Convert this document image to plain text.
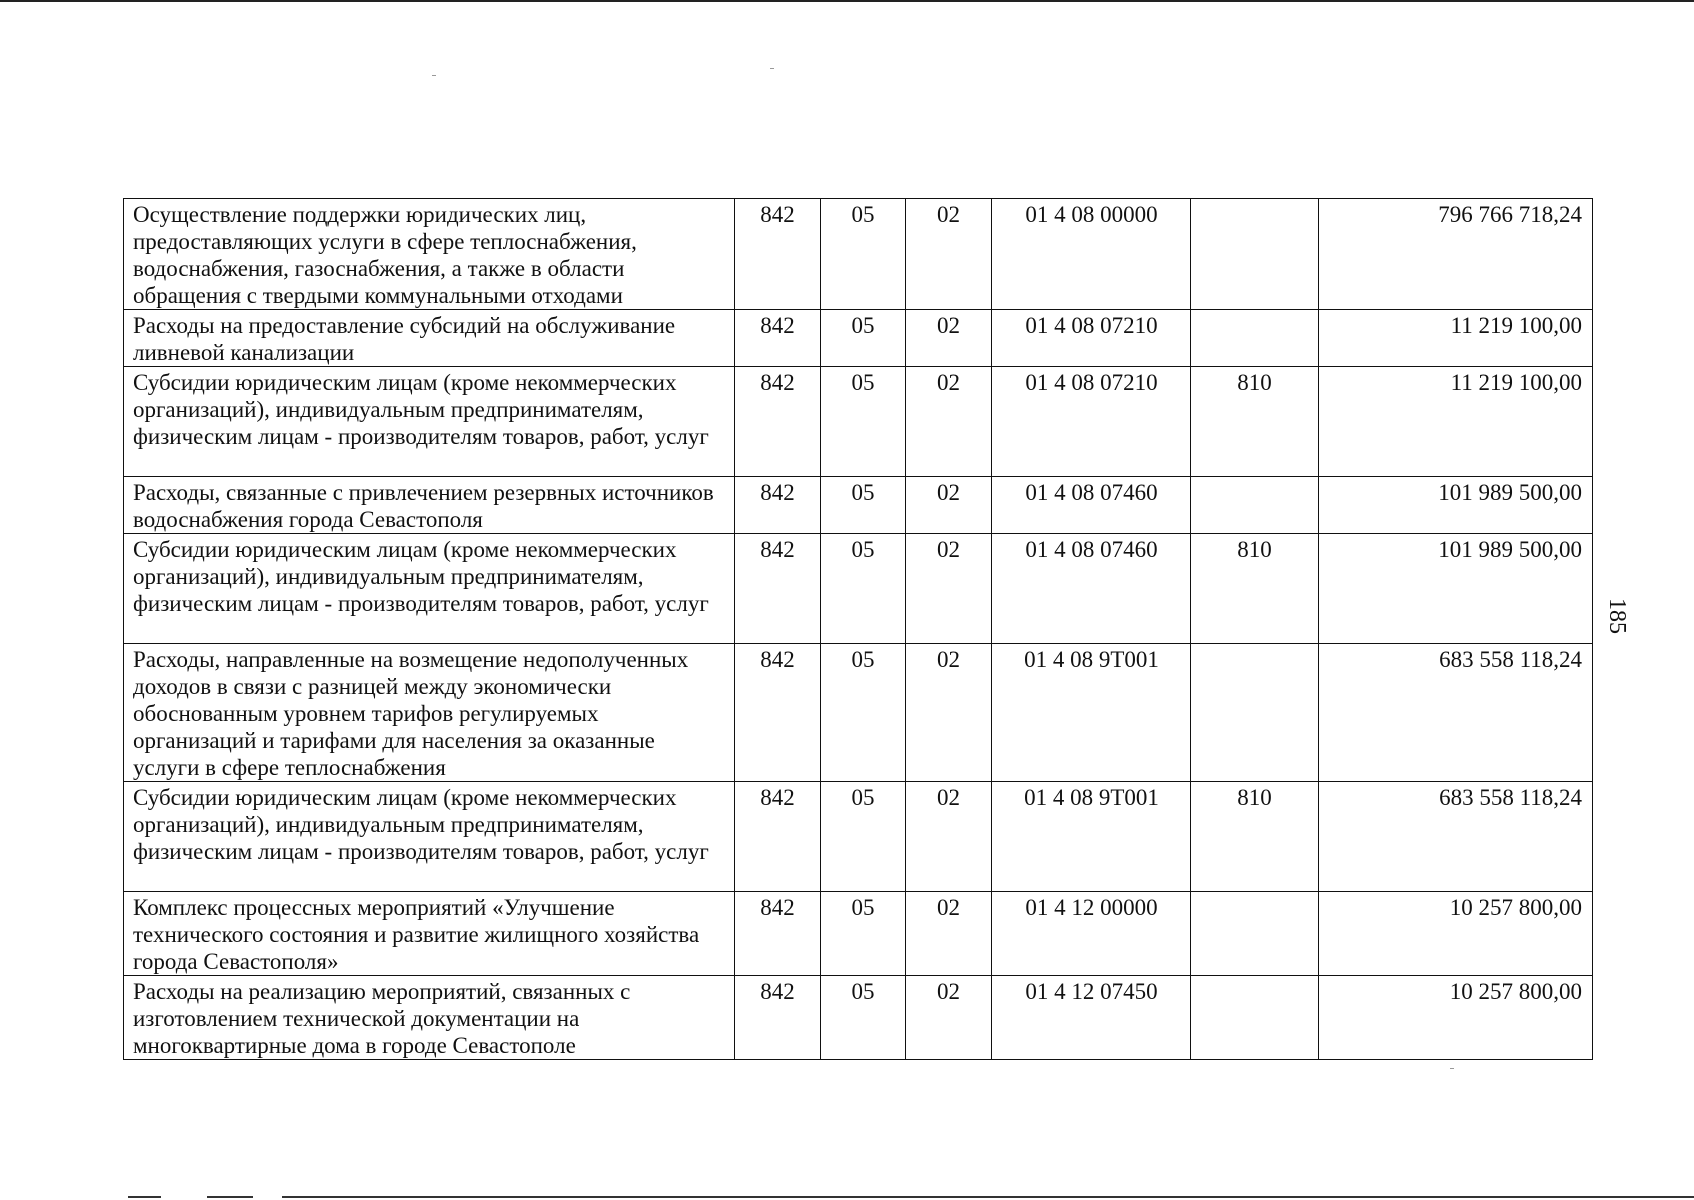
Осуществление поддержки юридических лиц, предоставляющих услуги в сфере теплоснабжения, водоснабжения, газоснабжения, а также в области обращения с твердыми коммунальными отходами	842	05	02	01 4 08 00000		796 766 718,24
Расходы на предоставление субсидий на обслуживание ливневой канализации	842	05	02	01 4 08 07210		11 219 100,00
Субсидии юридическим лицам (кроме некоммерческих организаций), индивидуальным предпринимателям, физическим лицам - производителям товаров, работ, услуг	842	05	02	01 4 08 07210	810	11 219 100,00
Расходы, связанные с привлечением резервных источников водоснабжения города Севастополя	842	05	02	01 4 08 07460		101 989 500,00
Субсидии юридическим лицам (кроме некоммерческих организаций), индивидуальным предпринимателям, физическим лицам - производителям товаров, работ, услуг	842	05	02	01 4 08 07460	810	101 989 500,00
Расходы, направленные на возмещение недополученных доходов в связи с разницей между экономически обоснованным уровнем тарифов регулируемых организаций и тарифами для населения за оказанные услуги в сфере теплоснабжения	842	05	02	01 4 08 9Т001		683 558 118,24
Субсидии юридическим лицам (кроме некоммерческих организаций), индивидуальным предпринимателям, физическим лицам - производителям товаров, работ, услуг	842	05	02	01 4 08 9Т001	810	683 558 118,24
Комплекс процессных мероприятий «Улучшение технического состояния и развитие жилищного хозяйства города Севастополя»	842	05	02	01 4 12 00000		10 257 800,00
Расходы на реализацию мероприятий, связанных с изготовлением технической документации на многоквартирные дома в городе Севастополе	842	05	02	01 4 12 07450		10 257 800,00
185
